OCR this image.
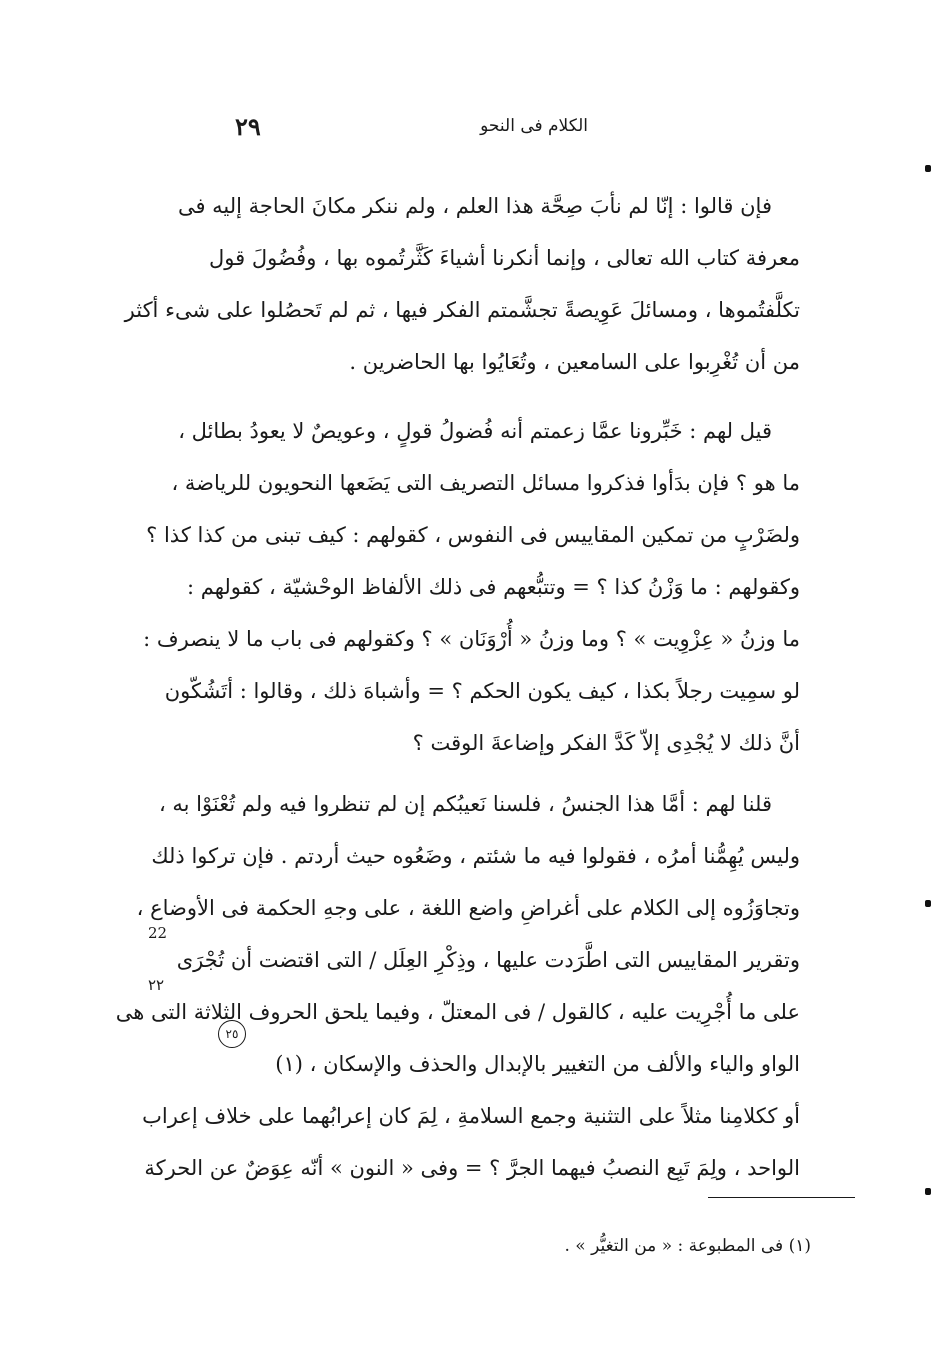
الكلام فى النحو
٢٩
فإن قالوا : إنّا لم نأبَ صِحَّة هذا العلم ، ولم ننكر مكانَ الحاجة إليه فى
معرفة كتاب الله تعالى ، وإنما أنكرنا أشياءَ كَثَّرتُموه بها ، وفُضُولَ قول
تكلَّفتُموها ، ومسائلَ عَوِيصةً تجشَّمتم الفكر فيها ، ثم لم تَحصُلوا على شىء أكثر
من أن تُغْرِبوا على السامعين ، وتُعَايُوا بها الحاضرين .
قيل لهم : خَبِّرونا عمَّا زعمتم أنه فُضولُ قولٍ ، وعويصٌ لا يعودُ بطائل ،
ما هو ؟ فإن بدَأوا فذكروا مسائل التصريف التى يَضَعها النحويون للرياضة ،
ولضَرْبٍ من تمكين المقاييس فى النفوس ، كقولهم : كيف تبنى من كذا كذا ؟
وكقولهم : ما وَزْنُ كذا ؟ = وتتبُّعهم فى ذلك الألفاظ الوحْشيّة ، كقولهم :
ما وزنُ « عِزْوِيت » ؟ وما وزنُ « أُرْوَنَان » ؟ وكقولهم فى باب ما لا ينصرف :
لو سمِيت رجلاً بكذا ، كيف يكون الحكم ؟ = وأشباهَ ذلك ، وقالوا : أتَشُكّون
أنَّ ذلك لا يُجْدِى إلاّ كَدَّ الفكر وإضاعةَ الوقت ؟
قلنا لهم : أمَّا هذا الجنسُ ، فلسنا نَعيبُكم إن لم تنظروا فيه ولم تُعْنَوْا به ،
وليس يُهِمُّنا أمرُه ، فقولوا فيه ما شئتم ، وضَعُوه حيث أردتم . فإن تركوا ذلك
وتجاوَزُوه إلى الكلام على أغراضِ واضع اللغة ، على وجهِ الحكمة فى الأوضاع ،
وتقرير المقاييس التى اطَّرَدت عليها ، وذِكْرِ العِلَل / التى اقتضت أن تُجْرَى
على ما أُجْرِيت عليه ، كالقول / فى المعتلّ ، وفيما يلحق الحروف الثلاثة التى هى
الواو والياء والألف من التغيير بالإبدال والحذف والإسكان ، (١)
أو ككلامِنا مثلاً على التثنية وجمع السلامةِ ، لِمَ كان إعرابُهما على خلاف إعراب
الواحد ، ولِمَ تَبِع النصبُ فيهما الجرَّ ؟ = وفى « النون » أنّه عِوَضٌ عن الحركة
22
٢٢
٢٥
(١) فى المطبوعة : « من التغيُّر » .
